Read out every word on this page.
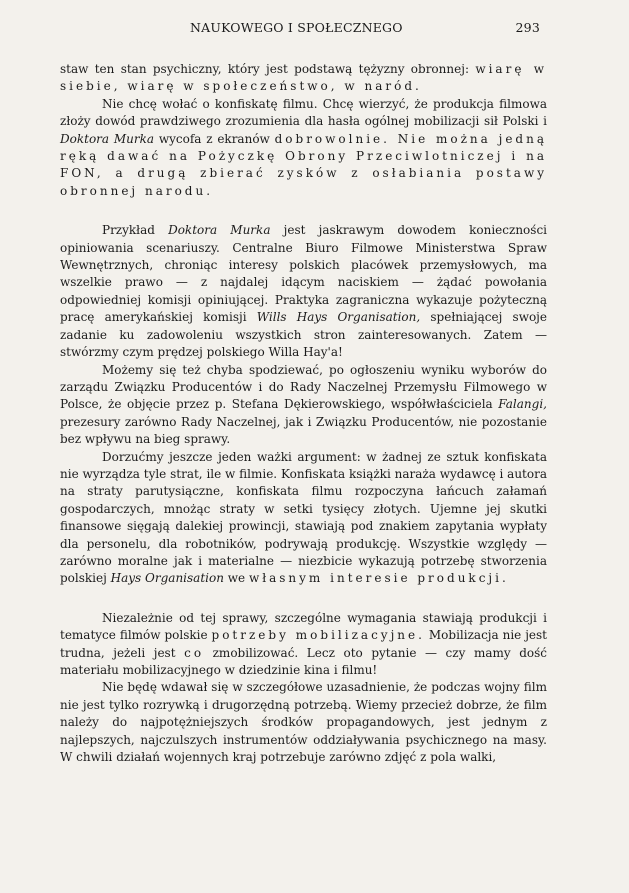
NAUKOWEGO I SPOŁECZNEGO	293

staw ten stan psychiczny, który jest podstawą tężyzny obronnej: wiarę w siebie, wiarę w społeczeństwo, w naród.

Nie chcę wołać o konfiskatę filmu. Chcę wierzyć, że produkcja filmowa złoży dowód prawdziwego zrozumienia dla hasła ogólnej mobilizacji sił Polski i Doktora Murka wycofa z ekranów dobrowolnie. Nie można jedną ręką dawać na Pożyczkę Obrony Przeciwlotniczej i na FON, a drugą zbierać zysków z osłabiania postawy obronnej narodu.

Przykład Doktora Murka jest jaskrawym dowodem konieczności opiniowania scenariuszy. Centralne Biuro Filmowe Ministerstwa Spraw Wewnętrznych, chroniąc interesy polskich placówek przemysłowych, ma wszelkie prawo — z najdalej idącym naciskiem — żądać powołania odpowiedniej komisji opiniującej. Praktyka zagraniczna wykazuje pożyteczną pracę amerykańskiej komisji Wills Hays Organisation, spełniającej swoje zadanie ku zadowoleniu wszystkich stron zainteresowanych. Zatem — stwórzmy czym prędzej polskiego Willa Hay'a!

Możemy się też chyba spodziewać, po ogłoszeniu wyniku wyborów do zarządu Związku Producentów i do Rady Naczelnej Przemysłu Filmowego w Polsce, że objęcie przez p. Stefana Dękierowskiego, współwłaściciela Falangi, prezesury zarówno Rady Naczelnej, jak i Związku Producentów, nie pozostanie bez wpływu na bieg sprawy.

Dorzućmy jeszcze jeden ważki argument: w żadnej ze sztuk konfiskata nie wyrządza tyle strat, ile w filmie. Konfiskata książki naraża wydawcę i autora na straty parutysiączne, konfiskata filmu rozpoczyna łańcuch załamań gospodarczych, mnożąc straty w setki tysięcy złotych. Ujemne jej skutki finansowe sięgają dalekiej prowincji, stawiają pod znakiem zapytania wypłaty dla personelu, dla robotników, podrywają produkcję. Wszystkie względy — zarówno moralne jak i materialne — niezbicie wykazują potrzebę stworzenia polskiej Hays Organisation we własnym interesie produkcji.

Niezależnie od tej sprawy, szczególne wymagania stawiają produkcji i tematyce filmów polskie potrzeby mobilizacyjne. Mobilizacja nie jest trudna, jeżeli jest co zmobilizować. Lecz oto pytanie — czy mamy dość materiału mobilizacyjnego w dziedzinie kina i filmu!

Nie będę wdawał się w szczegółowe uzasadnienie, że podczas wojny film nie jest tylko rozrywką i drugorzędną potrzebą. Wiemy przecież dobrze, że film należy do najpotężniejszych środków propagandowych, jest jednym z najlepszych, najczulszych instrumentów oddziaływania psychicznego na masy. W chwili działań wojennych kraj potrzebuje zarówno zdjęć z pola walki,
